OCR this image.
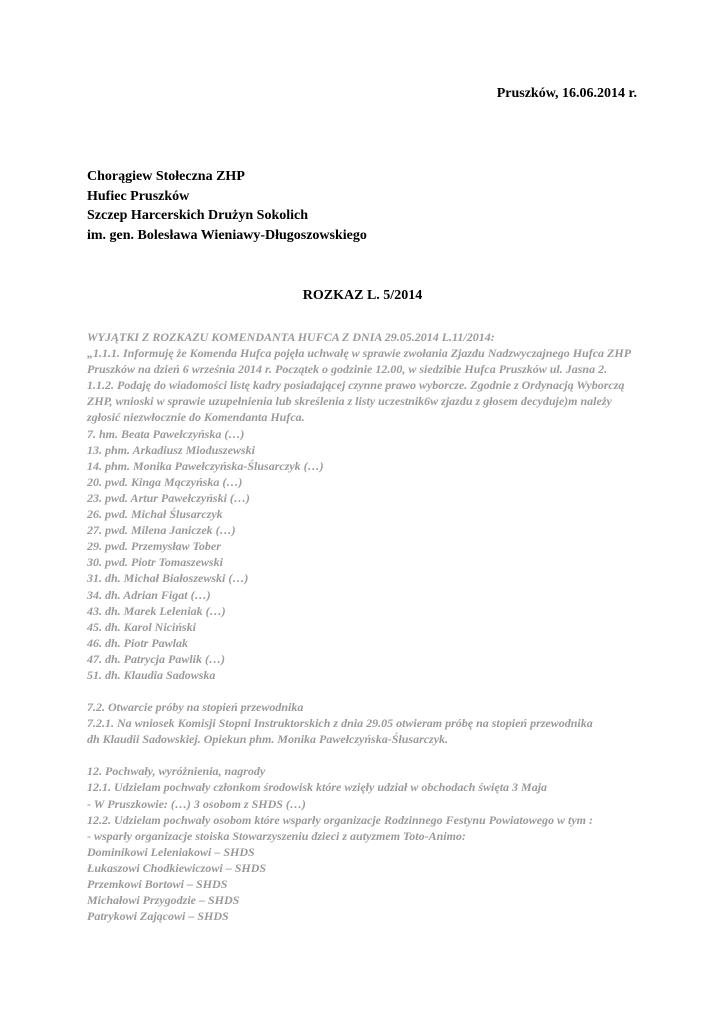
Pruszków, 16.06.2014 r.
Chorągiew Stołeczna ZHP
Hufiec Pruszków
Szczep Harcerskich Drużyn Sokolich
im. gen. Bolesława Wieniawy-Długoszowskiego
ROZKAZ L. 5/2014
WYJĄTKI Z ROZKAZU KOMENDANTA HUFCA Z DNIA 29.05.2014 L.11/2014:
„1.1.1. Informuję że Komenda Hufca pojęła uchwałę w sprawie zwołania Zjazdu Nadzwyczajnego Hufca ZHP
Pruszków na dzień 6 września 2014 r. Początek o godzinie 12.00, w siedzibie Hufca Pruszków ul. Jasna 2.
1.1.2. Podaję do wiadomości listę kadry posiadającej czynne prawo wyborcze. Zgodnie z Ordynacją Wyborczą
ZHP, wnioski w sprawie uzupełnienia lub skreślenia z listy uczestnik6w zjazdu z głosem decyduje)m należy
zgłosić niezwłocznie do Komendanta Hufca.
7. hm. Beata Pawełczyńska (…)
13. phm. Arkadiusz Mioduszewski
14. phm. Monika Pawełczyńska-Ślusarczyk (…)
20. pwd. Kinga Mączyńska (…)
23. pwd. Artur Pawełczyński (…)
26. pwd. Michał Ślusarczyk
27. pwd. Milena Janiczek (…)
29. pwd. Przemysław Tober
30. pwd. Piotr Tomaszewski
31. dh. Michał Białoszewski (…)
34. dh. Adrian Figat (…)
43. dh. Marek Leleniak (…)
45. dh. Karol Niciński
46. dh. Piotr Pawlak
47. dh. Patrycja Pawlik (…)
51. dh. Klaudia Sadowska
7.2. Otwarcie próby na stopień przewodnika
7.2.1. Na wniosek Komisji Stopni Instruktorskich z dnia 29.05 otwieram próbę na stopień przewodnika
dh Klaudii Sadowskiej. Opiekun phm. Monika Pawełczyńska-Ślusarczyk.
12. Pochwały, wyróżnienia, nagrody
12.1. Udzielam pochwały członkom środowisk które wzięły udział w obchodach święta 3 Maja
- W Pruszkowie: (…) 3 osobom z SHDS (…)
12.2. Udzielam pochwały osobom które wsparły organizacje Rodzinnego Festynu Powiatowego w tym :
- wsparły organizacje stoiska Stowarzyszeniu dzieci z autyzmem Toto-Animo:
Dominikowi Leleniakowi – SHDS
Łukaszowi Chodkiewiczowi – SHDS
Przemkowi Bortowi – SHDS
Michałowi Przygodzie – SHDS
Patrykowi Zającowi – SHDS
